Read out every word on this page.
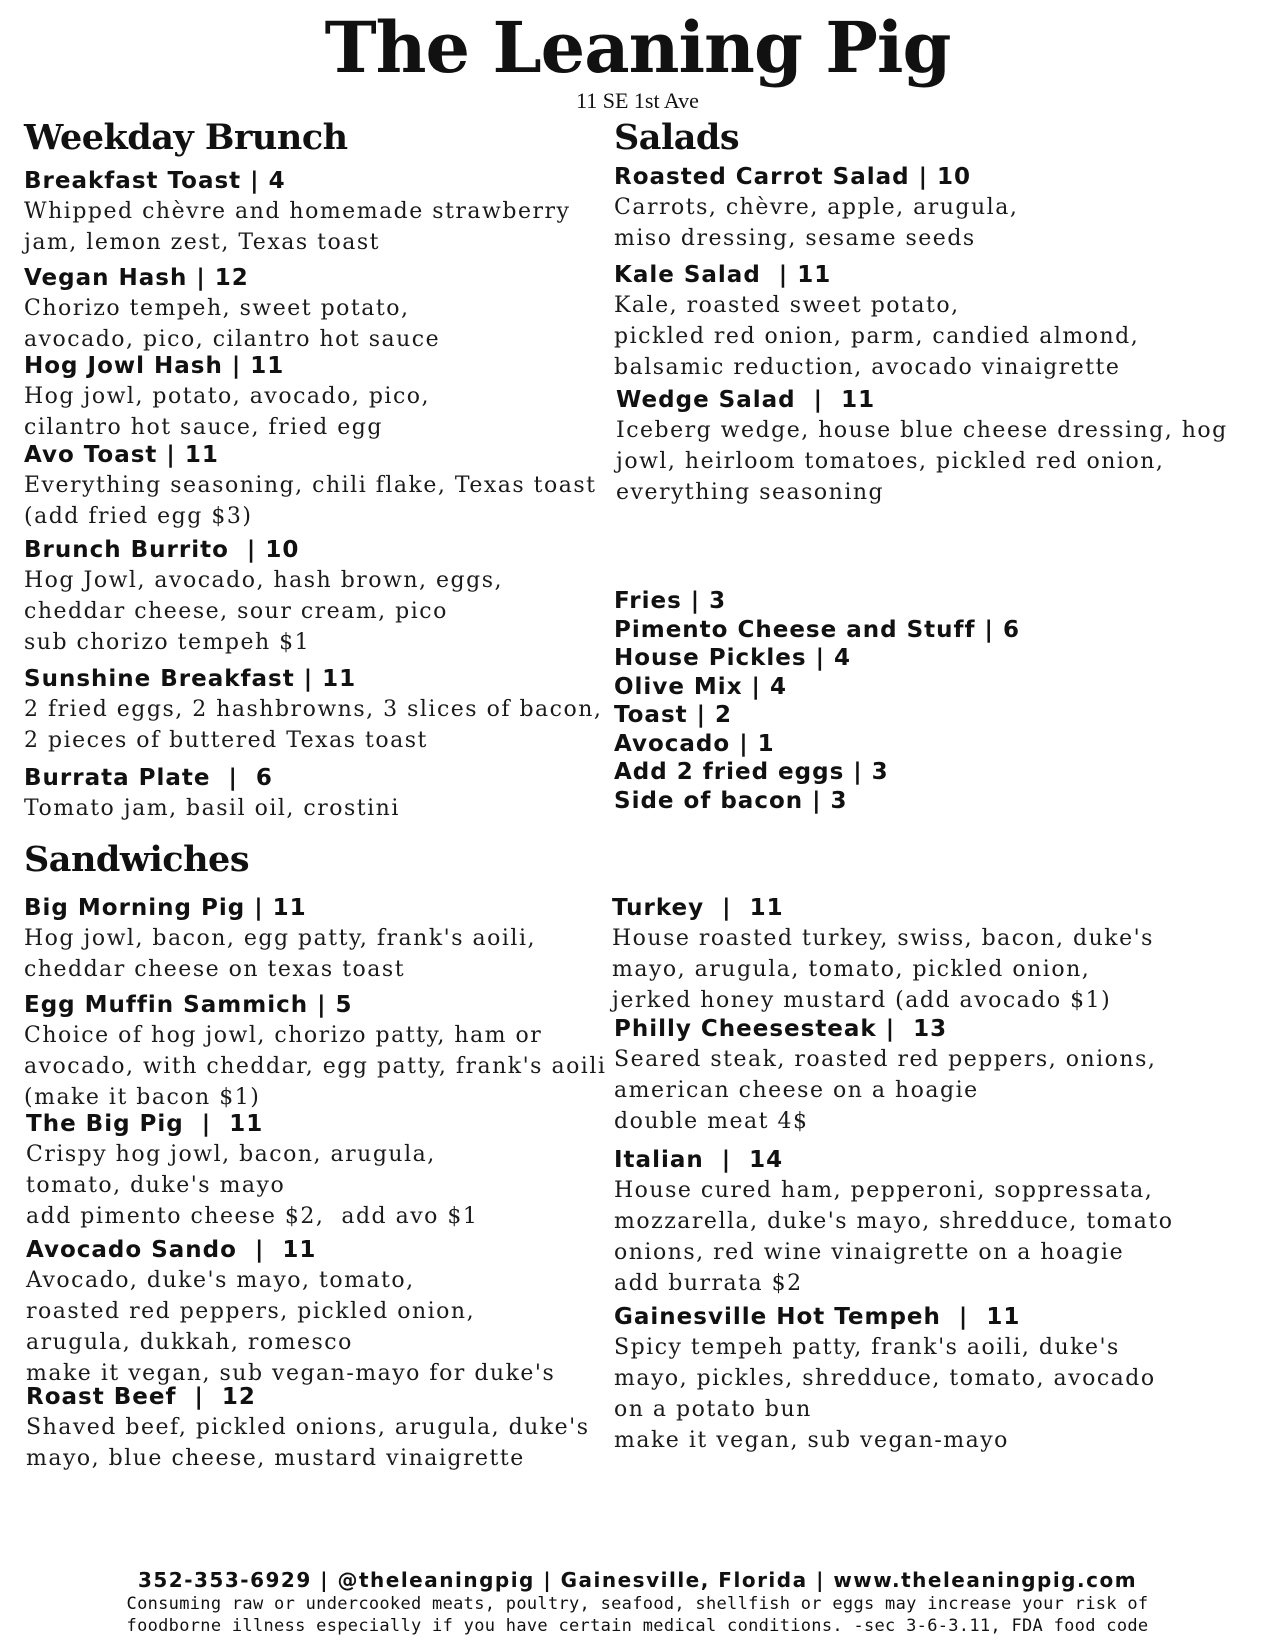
The Leaning Pig
11 SE 1st Ave
Weekday Brunch
Breakfast Toast | 4
Whipped chèvre and homemade strawberry
jam, lemon zest, Texas toast
Vegan Hash | 12
Chorizo tempeh, sweet potato,
avocado, pico, cilantro hot sauce
Hog Jowl Hash | 11
Hog jowl, potato, avocado, pico,
cilantro hot sauce, fried egg
Avo Toast | 11
Everything seasoning, chili flake, Texas toast
(add fried egg $3)
Brunch Burrito  | 10
Hog Jowl, avocado, hash brown, eggs,
cheddar cheese, sour cream, pico
sub chorizo tempeh $1
Sunshine Breakfast | 11
2 fried eggs, 2 hashbrowns, 3 slices of bacon,
2 pieces of buttered Texas toast
Burrata Plate  |  6
Tomato jam, basil oil, crostini
Salads
Roasted Carrot Salad | 10
Carrots, chèvre, apple, arugula,
miso dressing, sesame seeds
Kale Salad  | 11
Kale, roasted sweet potato,
pickled red onion, parm, candied almond,
balsamic reduction, avocado vinaigrette
Wedge Salad  |  11
Iceberg wedge, house blue cheese dressing, hog
jowl, heirloom tomatoes, pickled red onion,
everything seasoning
Fries | 3
Pimento Cheese and Stuff | 6
House Pickles | 4
Olive Mix | 4
Toast | 2
Avocado | 1
Add 2 fried eggs | 3
Side of bacon | 3
Sandwiches
Big Morning Pig | 11
Hog jowl, bacon, egg patty, frank's aoili,
cheddar cheese on texas toast
Egg Muffin Sammich | 5
Choice of hog jowl, chorizo patty, ham or
avocado, with cheddar, egg patty, frank's aoili
(make it bacon $1)
The Big Pig  |  11
Crispy hog jowl, bacon, arugula,
tomato, duke's mayo
add pimento cheese $2,  add avo $1
Avocado Sando  |  11
Avocado, duke's mayo, tomato,
roasted red peppers, pickled onion,
arugula, dukkah, romesco
make it vegan, sub vegan-mayo for duke's
Roast Beef  |  12
Shaved beef, pickled onions, arugula, duke's
mayo, blue cheese, mustard vinaigrette
Turkey  |  11
House roasted turkey, swiss, bacon, duke's
mayo, arugula, tomato, pickled onion,
jerked honey mustard (add avocado $1)
Philly Cheesesteak |  13
Seared steak, roasted red peppers, onions,
american cheese on a hoagie
double meat 4$
Italian  |  14
House cured ham, pepperoni, soppressata,
mozzarella, duke's mayo, shredduce, tomato
onions, red wine vinaigrette on a hoagie
add burrata $2
Gainesville Hot Tempeh  |  11
Spicy tempeh patty, frank's aoili, duke's
mayo, pickles, shredduce, tomato, avocado
on a potato bun
make it vegan, sub vegan-mayo
352-353-6929 | @theleaningpig | Gainesville, Florida | www.theleaningpig.com
Consuming raw or undercooked meats, poultry, seafood, shellfish or eggs may increase your risk of
foodborne illness especially if you have certain medical conditions. -sec 3-6-3.11, FDA food code
